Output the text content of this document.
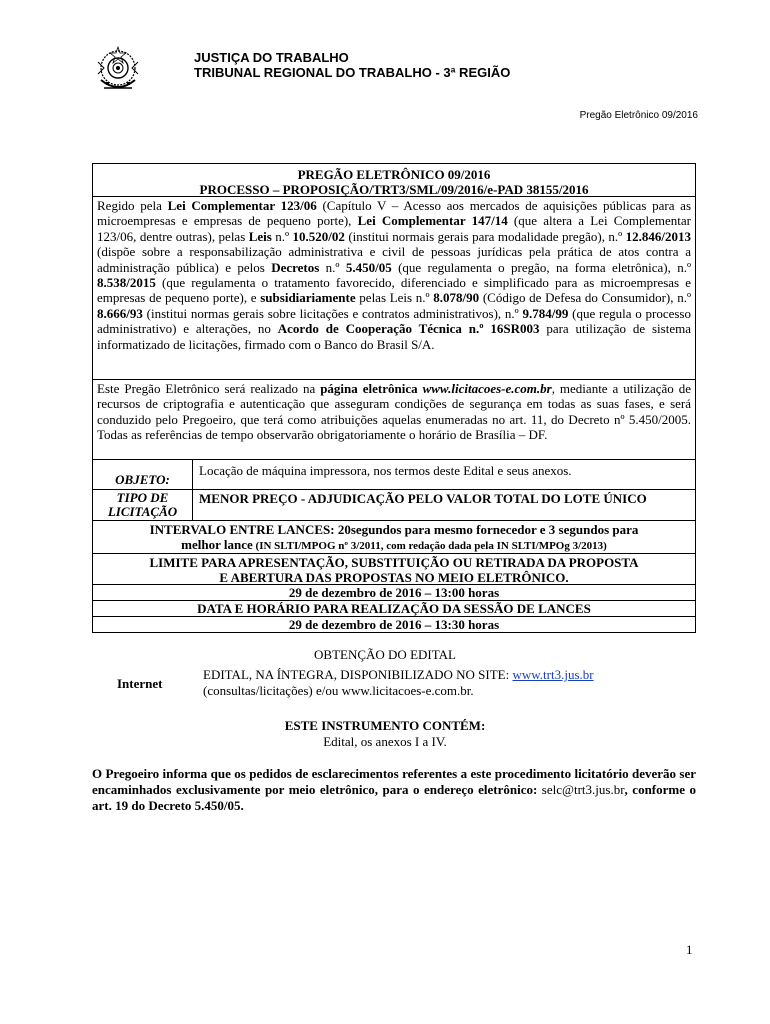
JUSTIÇA DO TRABALHO
TRIBUNAL REGIONAL DO TRABALHO - 3ª REGIÃO
Pregão Eletrônico 09/2016
PREGÃO ELETRÔNICO 09/2016
PROCESSO – PROPOSIÇÃO/TRT3/SML/09/2016/e-PAD 38155/2016
Regido pela Lei Complementar 123/06 (Capítulo V – Acesso aos mercados de aquisições públicas para as microempresas e empresas de pequeno porte), Lei Complementar 147/14 (que altera a Lei Complementar 123/06, dentre outras), pelas Leis n.º 10.520/02 (institui normais gerais para modalidade pregão), n.º 12.846/2013 (dispõe sobre a responsabilização administrativa e civil de pessoas jurídicas pela prática de atos contra a administração pública) e pelos Decretos n.º 5.450/05 (que regulamenta o pregão, na forma eletrônica), n.º 8.538/2015 (que regulamenta o tratamento favorecido, diferenciado e simplificado para as microempresas e empresas de pequeno porte), e subsidiariamente pelas Leis n.º 8.078/90 (Código de Defesa do Consumidor), n.º 8.666/93 (institui normas gerais sobre licitações e contratos administrativos), n.º 9.784/99 (que regula o processo administrativo) e alterações, no Acordo de Cooperação Técnica n.º 16SR003 para utilização de sistema informatizado de licitações, firmado com o Banco do Brasil S/A.
Este Pregão Eletrônico será realizado na página eletrônica www.licitacoes-e.com.br, mediante a utilização de recursos de criptografia e autenticação que asseguram condições de segurança em todas as suas fases, e será conduzido pelo Pregoeiro, que terá como atribuições aquelas enumeradas no art. 11, do Decreto nº 5.450/2005. Todas as referências de tempo observarão obrigatoriamente o horário de Brasília – DF.
OBJETO:
Locação de máquina impressora, nos termos deste Edital e seus anexos.
TIPO DE LICITAÇÃO
MENOR PREÇO - ADJUDICAÇÃO PELO VALOR TOTAL DO LOTE ÚNICO
INTERVALO ENTRE LANCES: 20segundos para mesmo fornecedor e 3 segundos para
melhor lance (IN SLTI/MPOG nº 3/2011, com redação dada pela IN SLTI/MPOg 3/2013)
LIMITE PARA APRESENTAÇÃO, SUBSTITUIÇÃO OU RETIRADA DA PROPOSTA
E ABERTURA DAS PROPOSTAS NO MEIO ELETRÔNICO.
29 de dezembro de 2016 – 13:00 horas
DATA E HORÁRIO PARA REALIZAÇÃO DA SESSÃO DE LANCES
29 de dezembro de 2016 – 13:30 horas
OBTENÇÃO DO EDITAL
Internet
EDITAL, NA ÍNTEGRA, DISPONIBILIZADO NO SITE: www.trt3.jus.br
(consultas/licitações) e/ou www.licitacoes-e.com.br.
ESTE INSTRUMENTO CONTÉM:
Edital, os anexos I a IV.
O Pregoeiro informa que os pedidos de esclarecimentos referentes a este procedimento licitatório deverão ser encaminhados exclusivamente por meio eletrônico, para o endereço eletrônico: selc@trt3.jus.br, conforme o art. 19 do Decreto 5.450/05.
1
